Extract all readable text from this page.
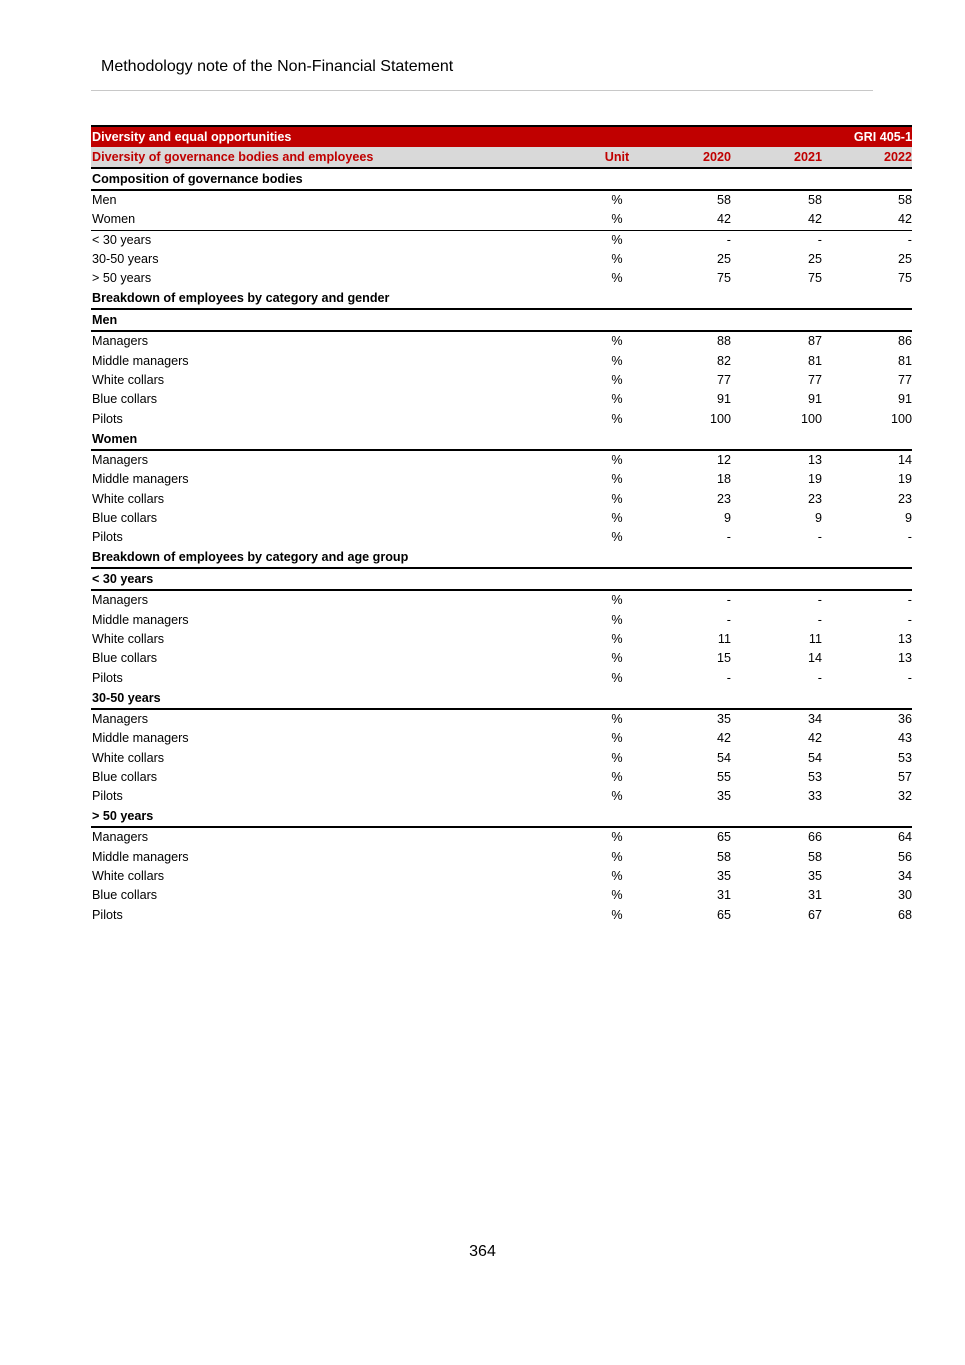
Methodology note of the Non-Financial Statement
Diversity and equal opportunities	GRI 405-1
Diversity of governance bodies and employees	Unit	2020	2021	2022
Composition of governance bodies
Men	%	58	58	58
Women	%	42	42	42
< 30 years	%	-	-	-
30-50 years	%	25	25	25
> 50 years	%	75	75	75
Breakdown of employees by category and gender
Men
Managers	%	88	87	86
Middle managers	%	82	81	81
White collars	%	77	77	77
Blue collars	%	91	91	91
Pilots	%	100	100	100
Women
Managers	%	12	13	14
Middle managers	%	18	19	19
White collars	%	23	23	23
Blue collars	%	9	9	9
Pilots	%	-	-	-
Breakdown of employees by category and age group
< 30 years
Managers	%	-	-	-
Middle managers	%	-	-	-
White collars	%	11	11	13
Blue collars	%	15	14	13
Pilots	%	-	-	-
30-50 years
Managers	%	35	34	36
Middle managers	%	42	42	43
White collars	%	54	54	53
Blue collars	%	55	53	57
Pilots	%	35	33	32
> 50 years
Managers	%	65	66	64
Middle managers	%	58	58	56
White collars	%	35	35	34
Blue collars	%	31	31	30
Pilots	%	65	67	68
364
